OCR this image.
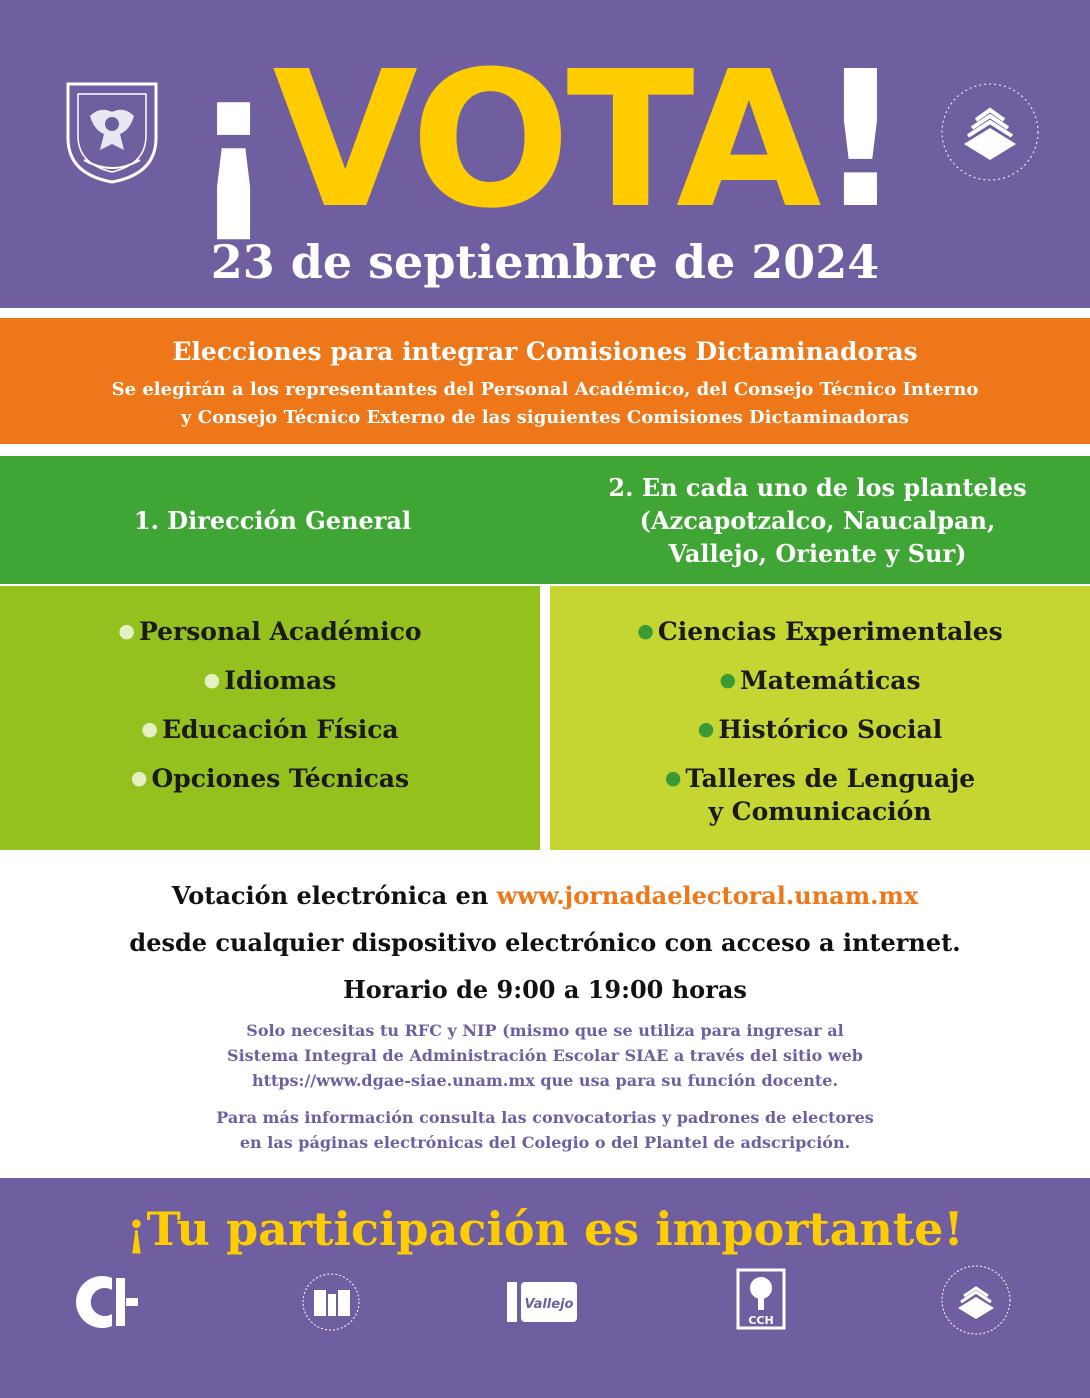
¡VOTA!
23 de septiembre de 2024
Elecciones para integrar Comisiones Dictaminadoras
Se elegirán a los representantes del Personal Académico, del Consejo Técnico Interno
y Consejo Técnico Externo de las siguientes Comisiones Dictaminadoras
1. Dirección General
2. En cada uno de los planteles
(Azcapotzalco, Naucalpan,
Vallejo, Oriente y Sur)
● Personal Académico
● Idiomas
● Educación Física
● Opciones Técnicas
● Ciencias Experimentales
● Matemáticas
● Histórico Social
● Talleres de Lenguaje
y Comunicación
Votación electrónica en www.jornadaelectoral.unam.mx
desde cualquier dispositivo electrónico con acceso a internet.
Horario de 9:00 a 19:00 horas

Solo necesitas tu RFC y NIP (mismo que se utiliza para ingresar al
Sistema Integral de Administración Escolar SIAE a través del sitio web
https://www.dgae-siae.unam.mx que usa para su función docente.

Para más información consulta las convocatorias y padrones de electores
en las páginas electrónicas del Colegio o del Plantel de adscripción.

¡Tu participación es importante!
Vallejo
CCH
